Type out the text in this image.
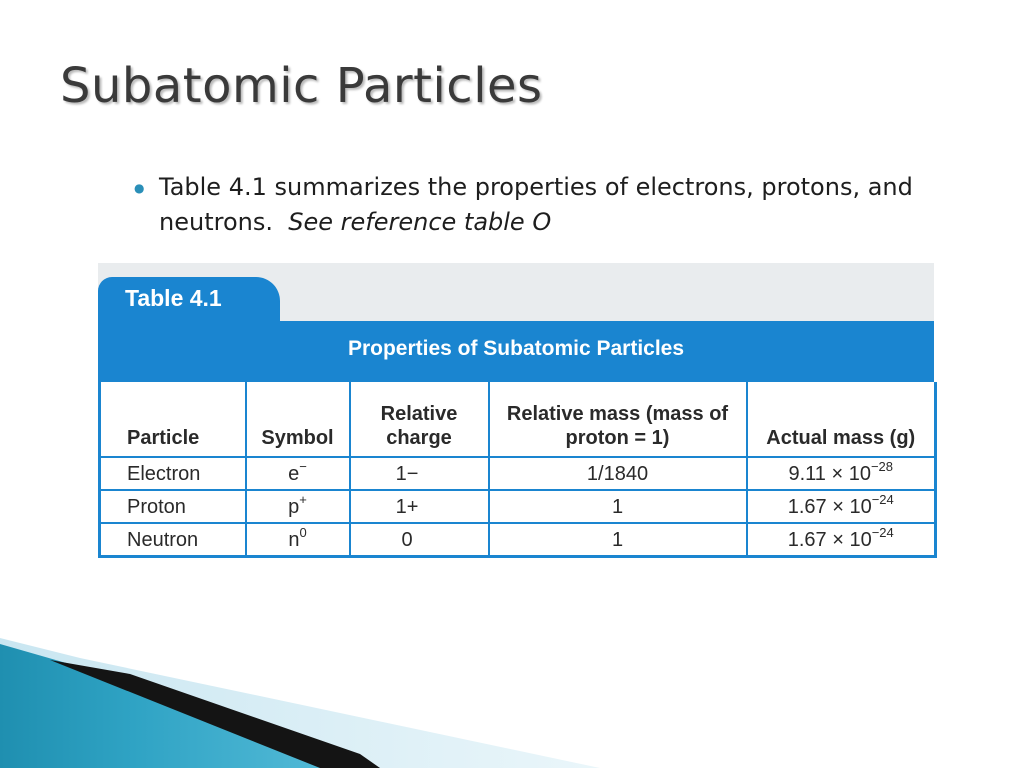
Subatomic Particles
● Table 4.1 summarizes the properties of electrons, protons, and neutrons. See reference table O

Table 4.1
Properties of Subatomic Particles
Particle	Symbol	Relative charge	Relative mass (mass of proton = 1)	Actual mass (g)
Electron	e−	1−	1/1840	$9.11 \times 10^{-28}$
Proton	p+	1+	1	$1.67 \times 10^{-24}$
Neutron	$n^0$	0	1	$1.67 \times 10^{-24}$
